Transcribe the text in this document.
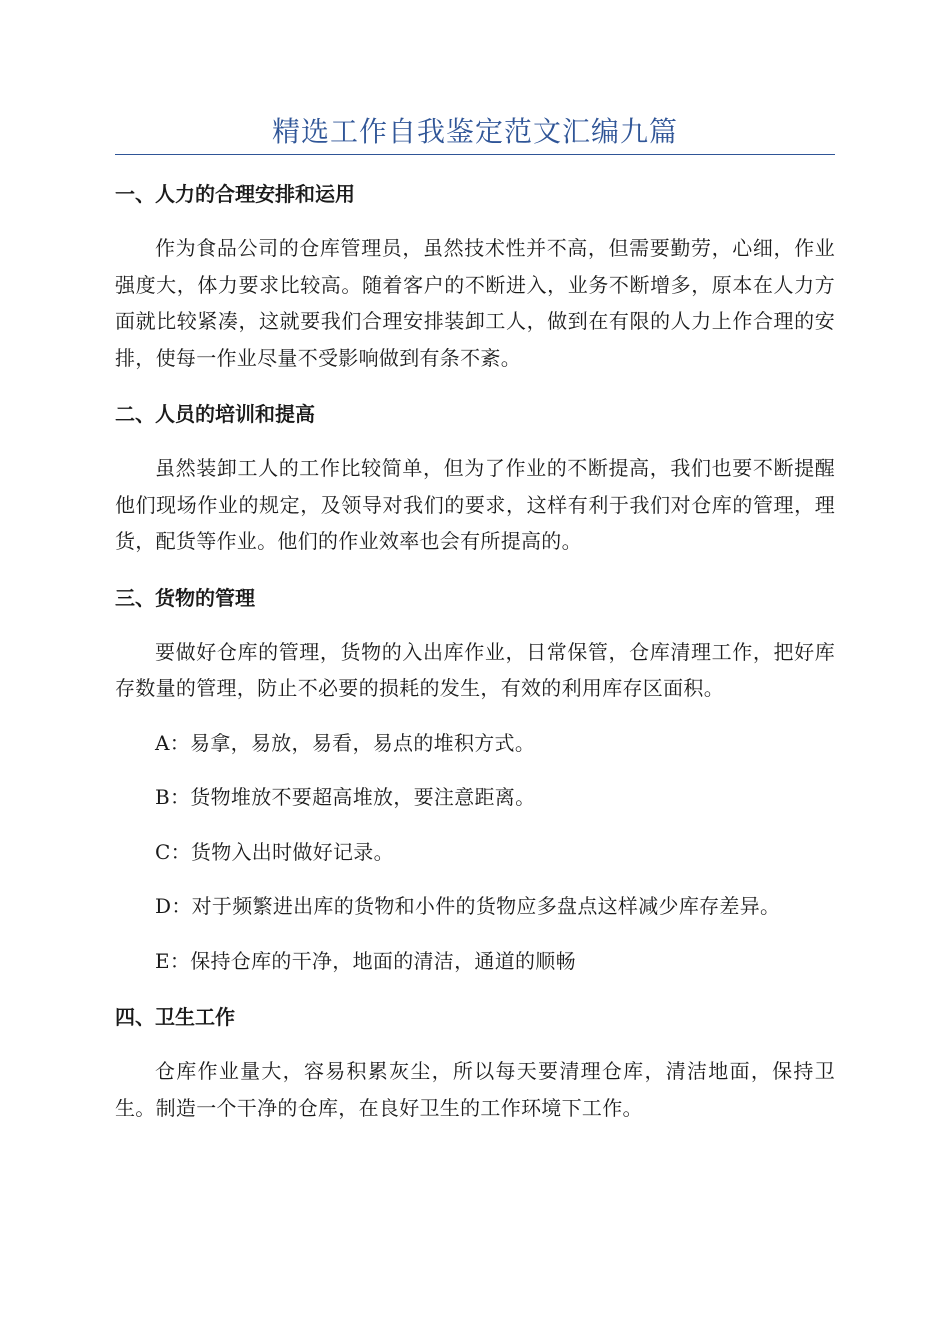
精选工作自我鉴定范文汇编九篇
一、人力的合理安排和运用
作为食品公司的仓库管理员，虽然技术性并不高，但需要勤劳，心细，作业强度大，体力要求比较高。随着客户的不断进入，业务不断增多，原本在人力方面就比较紧凑，这就要我们合理安排装卸工人，做到在有限的人力上作合理的安排，使每一作业尽量不受影响做到有条不紊。
二、人员的培训和提高
虽然装卸工人的工作比较简单，但为了作业的不断提高，我们也要不断提醒他们现场作业的规定，及领导对我们的要求，这样有利于我们对仓库的管理，理货，配货等作业。他们的作业效率也会有所提高的。
三、货物的管理
要做好仓库的管理，货物的入出库作业，日常保管，仓库清理工作，把好库存数量的管理，防止不必要的损耗的发生，有效的利用库存区面积。
A：易拿，易放，易看，易点的堆积方式。
B：货物堆放不要超高堆放，要注意距离。
C：货物入出时做好记录。
D：对于频繁进出库的货物和小件的货物应多盘点这样减少库存差异。
E：保持仓库的干净，地面的清洁，通道的顺畅
四、卫生工作
仓库作业量大，容易积累灰尘，所以每天要清理仓库，清洁地面，保持卫生。制造一个干净的仓库，在良好卫生的工作环境下工作。
